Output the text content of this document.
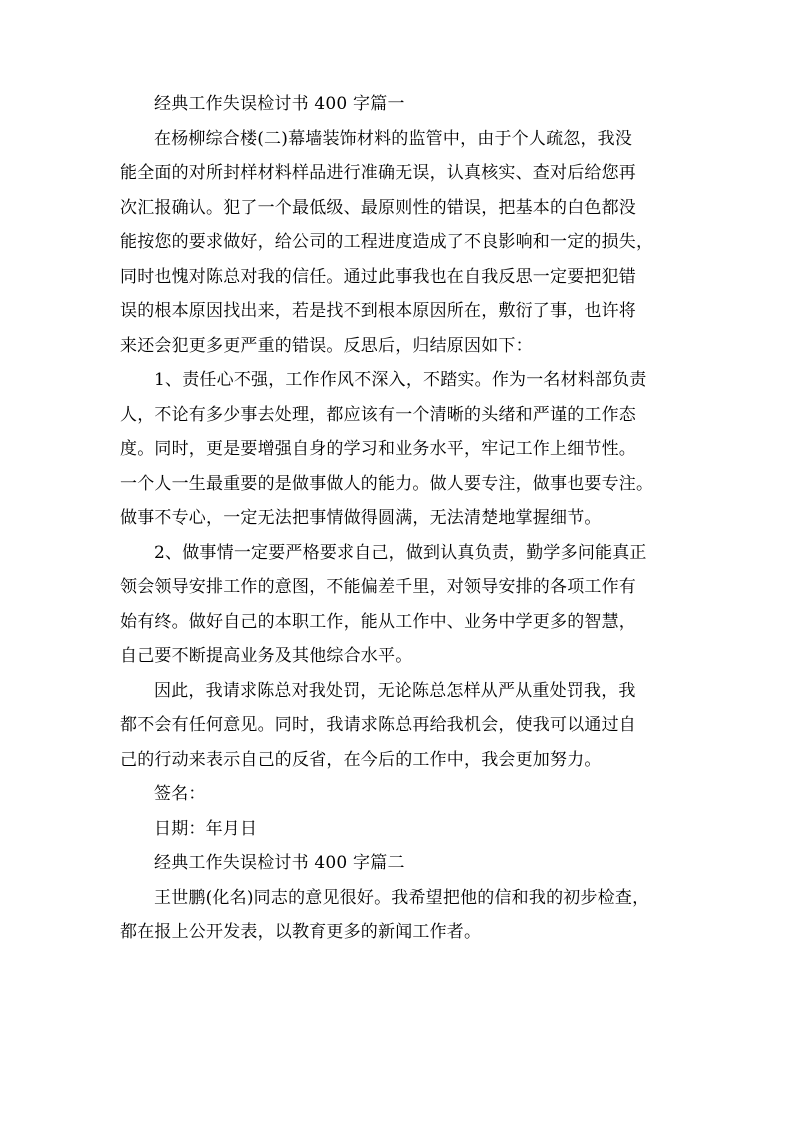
经典工作失误检讨书 400 字篇一
在杨柳综合楼(二)幕墙装饰材料的监管中，由于个人疏忽，我没
能全面的对所封样材料样品进行准确无误，认真核实、查对后给您再
次汇报确认。犯了一个最低级、最原则性的错误，把基本的白色都没
能按您的要求做好，给公司的工程进度造成了不良影响和一定的损失，
同时也愧对陈总对我的信任。通过此事我也在自我反思一定要把犯错
误的根本原因找出来，若是找不到根本原因所在，敷衍了事，也许将
来还会犯更多更严重的错误。反思后，归结原因如下：
1、责任心不强，工作作风不深入，不踏实。作为一名材料部负责
人，不论有多少事去处理，都应该有一个清晰的头绪和严谨的工作态
度。同时，更是要增强自身的学习和业务水平，牢记工作上细节性。
一个人一生最重要的是做事做人的能力。做人要专注，做事也要专注。
做事不专心，一定无法把事情做得圆满，无法清楚地掌握细节。
2、做事情一定要严格要求自己，做到认真负责，勤学多问能真正
领会领导安排工作的意图，不能偏差千里，对领导安排的各项工作有
始有终。做好自己的本职工作，能从工作中、业务中学更多的智慧，
自己要不断提高业务及其他综合水平。
因此，我请求陈总对我处罚，无论陈总怎样从严从重处罚我，我
都不会有任何意见。同时，我请求陈总再给我机会，使我可以通过自
己的行动来表示自己的反省，在今后的工作中，我会更加努力。
签名：
日期：年月日
经典工作失误检讨书 400 字篇二
王世鹏(化名)同志的意见很好。我希望把他的信和我的初步检查，
都在报上公开发表，以教育更多的新闻工作者。
